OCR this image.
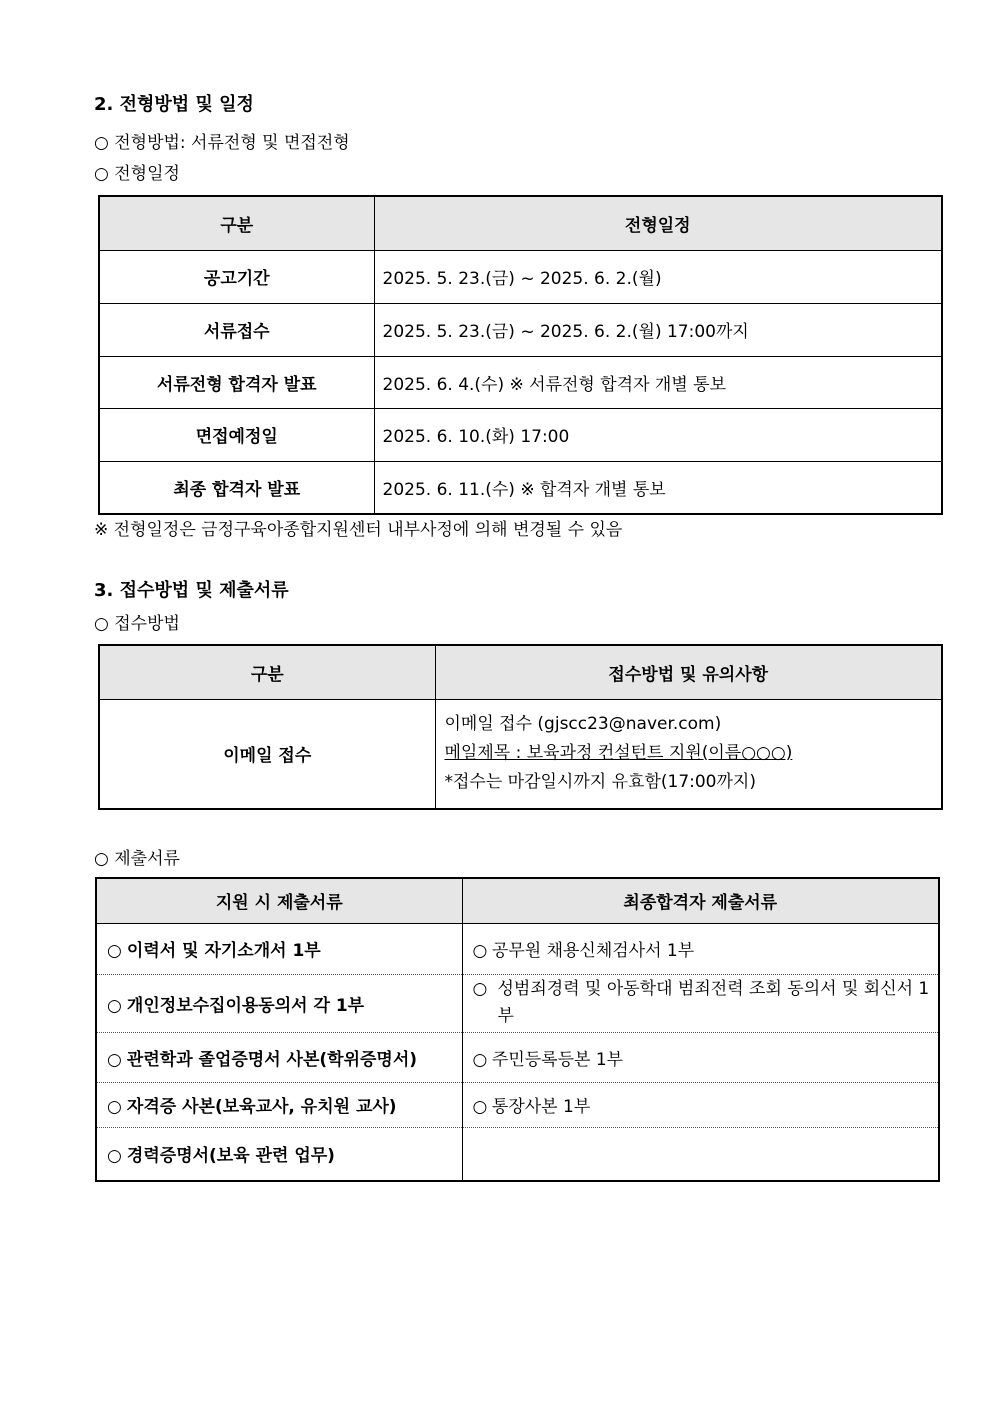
2. 전형방법 및 일정
○ 전형방법: 서류전형 및 면접전형
○ 전형일정
구분	전형일정
공고기간	2025. 5. 23.(금) ~ 2025. 6. 2.(월)
서류접수	2025. 5. 23.(금) ~ 2025. 6. 2.(월) 17:00까지
서류전형 합격자 발표	2025. 6. 4.(수) ※ 서류전형 합격자 개별 통보
면접예정일	2025. 6. 10.(화) 17:00
최종 합격자 발표	2025. 6. 11.(수) ※ 합격자 개별 통보
※ 전형일정은 금정구육아종합지원센터 내부사정에 의해 변경될 수 있음
3. 접수방법 및 제출서류
○ 접수방법
구분	접수방법 및 유의사항
이메일 접수	이메일 접수 (gjscc23@naver.com)
메일제목 : 보육과정 컨설턴트 지원(이름○○○)
*접수는 마감일시까지 유효함(17:00까지)
○ 제출서류
지원 시 제출서류	최종합격자 제출서류
○ 이력서 및 자기소개서 1부	○ 공무원 채용신체검사서 1부
○ 개인정보수집이용동의서 각 1부	○ 성범죄경력 및 아동학대 범죄전력 조회 동의서 및 회신서 1부

○ 관련학과 졸업증명서 사본(학위증명서)	○ 주민등록등본 1부
○ 자격증 사본(보육교사, 유치원 교사)	○ 통장사본 1부
○ 경력증명서(보육 관련 업무)	
